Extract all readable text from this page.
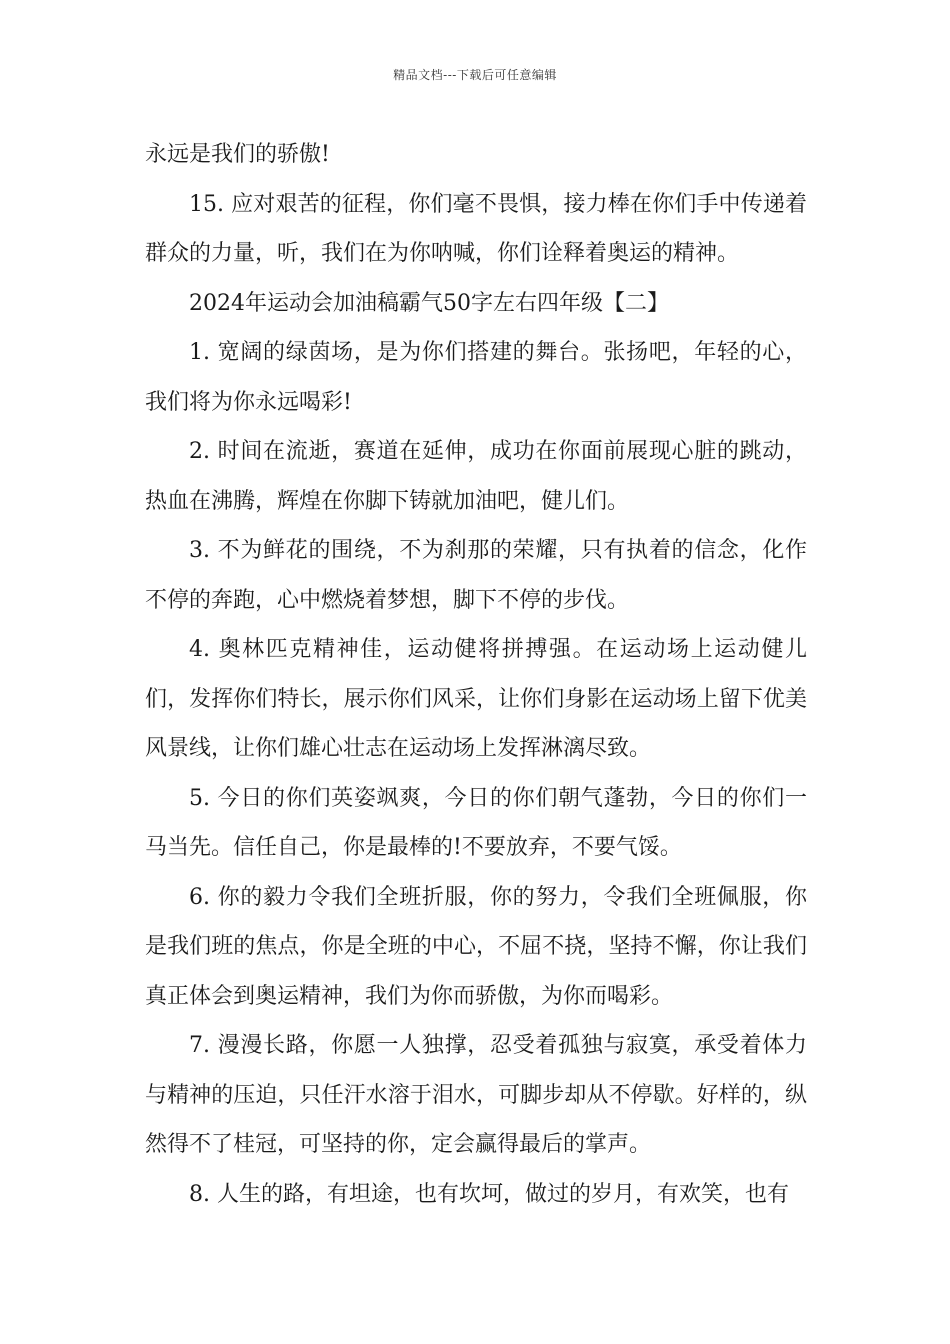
精品文档---下载后可任意编辑

永远是我们的骄傲!

15. 应对艰苦的征程，你们毫不畏惧，接力棒在你们手中传递着群众的力量，听，我们在为你呐喊，你们诠释着奥运的精神。

2024年运动会加油稿霸气50字左右四年级【二】

1. 宽阔的绿茵场，是为你们搭建的舞台。张扬吧，年轻的心，我们将为你永远喝彩!

2. 时间在流逝，赛道在延伸，成功在你面前展现心脏的跳动，热血在沸腾，辉煌在你脚下铸就加油吧，健儿们。

3. 不为鲜花的围绕，不为刹那的荣耀，只有执着的信念，化作不停的奔跑，心中燃烧着梦想，脚下不停的步伐。

4. 奥林匹克精神佳，运动健将拼搏强。在运动场上运动健儿们，发挥你们特长，展示你们风采，让你们身影在运动场上留下优美风景线，让你们雄心壮志在运动场上发挥淋漓尽致。

5. 今日的你们英姿飒爽，今日的你们朝气蓬勃，今日的你们一马当先。信任自己，你是最棒的!不要放弃，不要气馁。

6. 你的毅力令我们全班折服，你的努力，令我们全班佩服，你是我们班的焦点，你是全班的中心，不屈不挠，坚持不懈，你让我们真正体会到奥运精神，我们为你而骄傲，为你而喝彩。

7. 漫漫长路，你愿一人独撑，忍受着孤独与寂寞，承受着体力与精神的压迫，只任汗水溶于泪水，可脚步却从不停歇。好样的，纵然得不了桂冠，可坚持的你，定会赢得最后的掌声。

8. 人生的路，有坦途，也有坎坷，做过的岁月，有欢笑，也有
